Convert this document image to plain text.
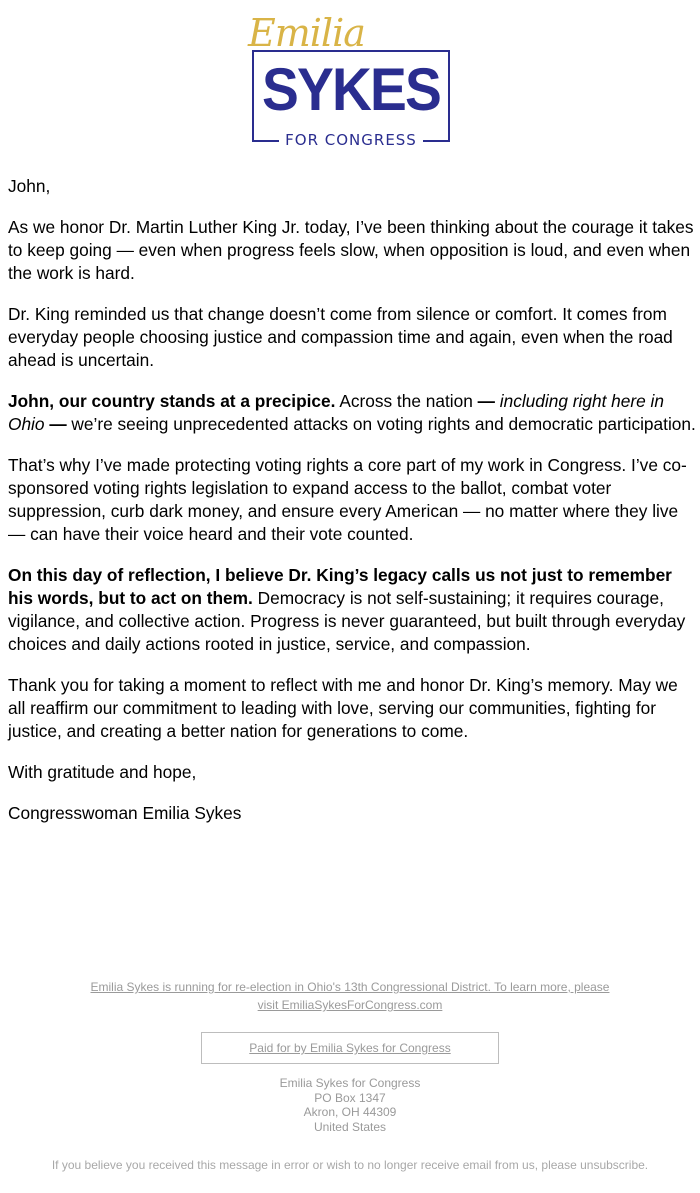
Emilia
SYKES
FOR CONGRESS

John,

As we honor Dr. Martin Luther King Jr. today, I’ve been thinking about the courage it takes to keep going — even when progress feels slow, when opposition is loud, and even when the work is hard.

Dr. King reminded us that change doesn’t come from silence or comfort. It comes from everyday people choosing justice and compassion time and again, even when the road ahead is uncertain.

John, our country stands at a precipice. Across the nation — including right here in Ohio — we’re seeing unprecedented attacks on voting rights and democratic participation.

That’s why I’ve made protecting voting rights a core part of my work in Congress. I’ve co-sponsored voting rights legislation to expand access to the ballot, combat voter suppression, curb dark money, and ensure every American — no matter where they live — can have their voice heard and their vote counted.

On this day of reflection, I believe Dr. King’s legacy calls us not just to remember his words, but to act on them. Democracy is not self-sustaining; it requires courage, vigilance, and collective action. Progress is never guaranteed, but built through everyday choices and daily actions rooted in justice, service, and compassion.

Thank you for taking a moment to reflect with me and honor Dr. King’s memory. May we all reaffirm our commitment to leading with love, serving our communities, fighting for justice, and creating a better nation for generations to come.

With gratitude and hope,

Congresswoman Emilia Sykes

Emilia Sykes is running for re-election in Ohio's 13th Congressional District. To learn more, please
visit EmiliaSykesForCongress.com
Paid for by Emilia Sykes for Congress
Emilia Sykes for Congress
PO Box 1347
Akron, OH 44309
United States
If you believe you received this message in error or wish to no longer receive email from us, please unsubscribe.
